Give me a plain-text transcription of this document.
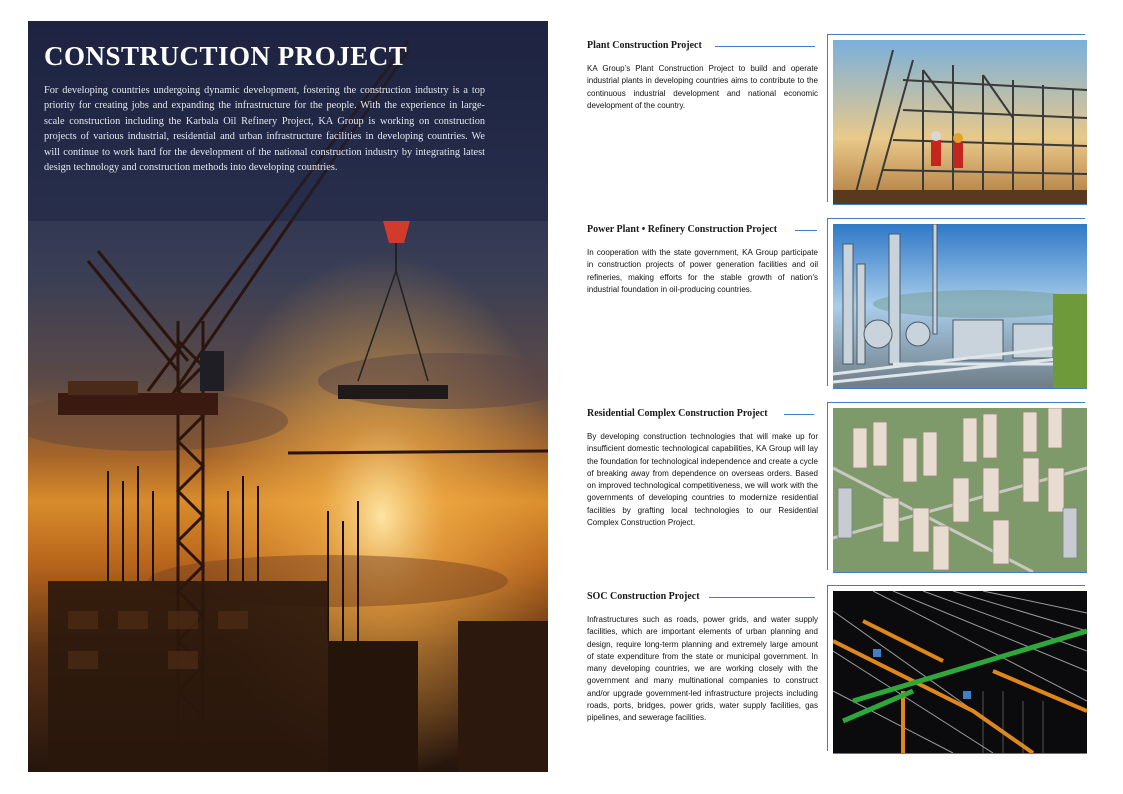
CONSTRUCTION PROJECT

For developing countries undergoing dynamic development, fostering the construction industry is a top priority for creating jobs and expanding the infrastructure for the people. With the experience in large-scale construction including the Karbala Oil Refinery Project, KA Group is working on construction projects of various industrial, residential and urban infrastructure facilities in developing countries. We will continue to work hard for the development of the national construction industry by integrating latest design technology and construction methods into developing countries.

Plant Construction Project

KA Group’s Plant Construction Project to build and operate industrial plants in developing countries aims to contribute to the continuous industrial development and national economic development of the country.

Power Plant • Refinery Construction Project

In cooperation with the state government, KA Group participate in construction projects of power generation facilities and oil refineries, making efforts for the stable growth of nation’s industrial foundation in oil-producing countries.

Residential Complex Construction Project

By developing construction technologies that will make up for insufficient domestic technological capabilities, KA Group will lay the foundation for technological independence and create a cycle of breaking away from dependence on overseas orders. Based on improved technological competitiveness, we will work with the governments of developing countries to modernize residential facilities by grafting local technologies to our Residential Complex Construction Project.

SOC Construction Project

Infrastructures such as roads, power grids, and water supply facilities, which are important elements of urban planning and design, require long-term planning and extremely large amount of state expenditure from the state or municipal government. In many developing countries, we are working closely with the government and many multinational companies to construct and/or upgrade government-led infrastructure projects including roads, ports, bridges, power grids, water supply facilities, gas pipelines, and sewerage facilities.
